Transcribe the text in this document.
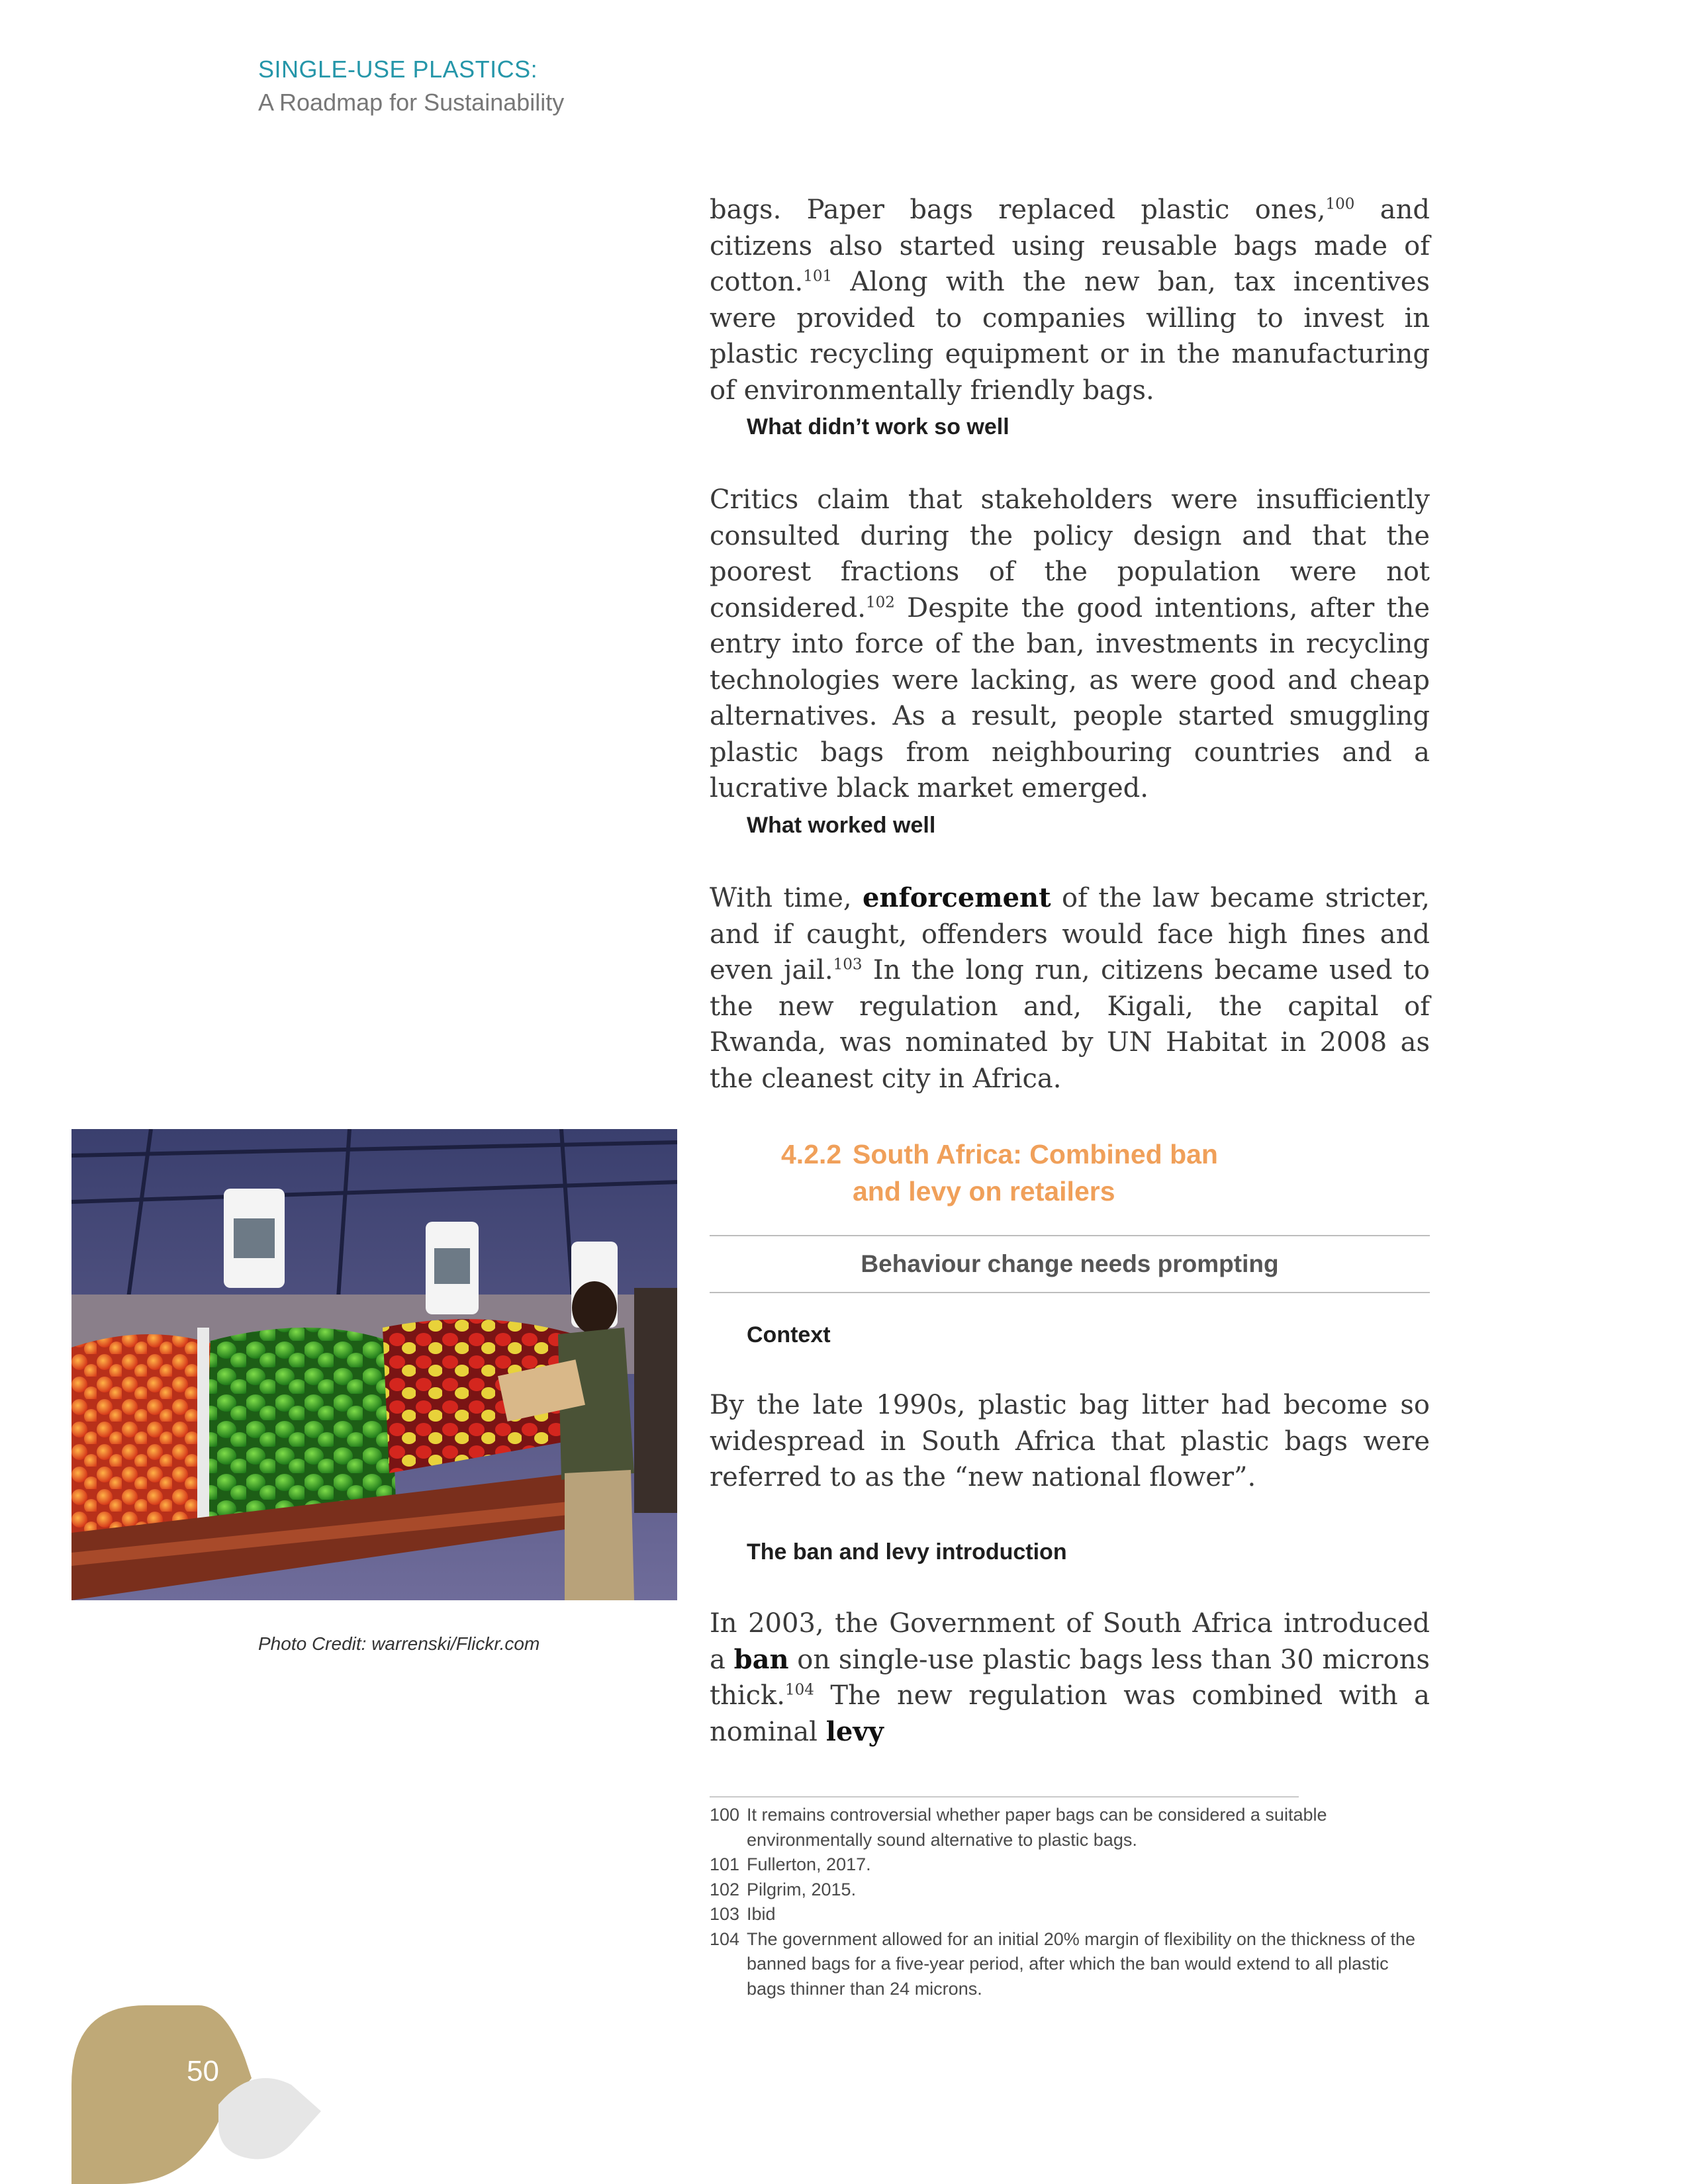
SINGLE-USE PLASTICS:
A Roadmap for Sustainability

bags. Paper bags replaced plastic ones,$^{100}$ and citizens also started using reusable bags made of cotton.$^{101}$ Along with the new ban, tax incentives were provided to companies willing to invest in plastic recycling equipment or in the manufacturing of environmentally friendly bags.

What didn’t work so well

Critics claim that stakeholders were insufficiently consulted during the policy design and that the poorest fractions of the population were not considered.$^{102}$ Despite the good intentions, after the entry into force of the ban, investments in recycling technologies were lacking, as were good and cheap alternatives. As a result, people started smuggling plastic bags from neighbouring countries and a lucrative black market emerged.

What worked well

With time, enforcement of the law became stricter, and if caught, offenders would face high fines and even jail.$^{103}$ In the long run, citizens became used to the new regulation and, Kigali, the capital of Rwanda, was nominated by UN Habitat in 2008 as the cleanest city in Africa.

4.2.2 South Africa: Combined ban and levy on retailers
Behaviour change needs prompting
Context

By the late 1990s, plastic bag litter had become so widespread in South Africa that plastic bags were referred to as the “new national flower”.

The ban and levy introduction

In 2003, the Government of South Africa introduced a ban on single-use plastic bags less than 30 microns thick.$^{104}$ The new regulation was combined with a nominal levy

Photo Credit: warrenski/Flickr.com
100 It remains controversial whether paper bags can be considered a suitable environmentally sound alternative to plastic bags.
101 Fullerton, 2017.
102 Pilgrim, 2015.
103 Ibid
104 The government allowed for an initial 20% margin of flexibility on the thickness of the banned bags for a five-year period, after which the ban would extend to all plastic bags thinner than 24 microns.
50
